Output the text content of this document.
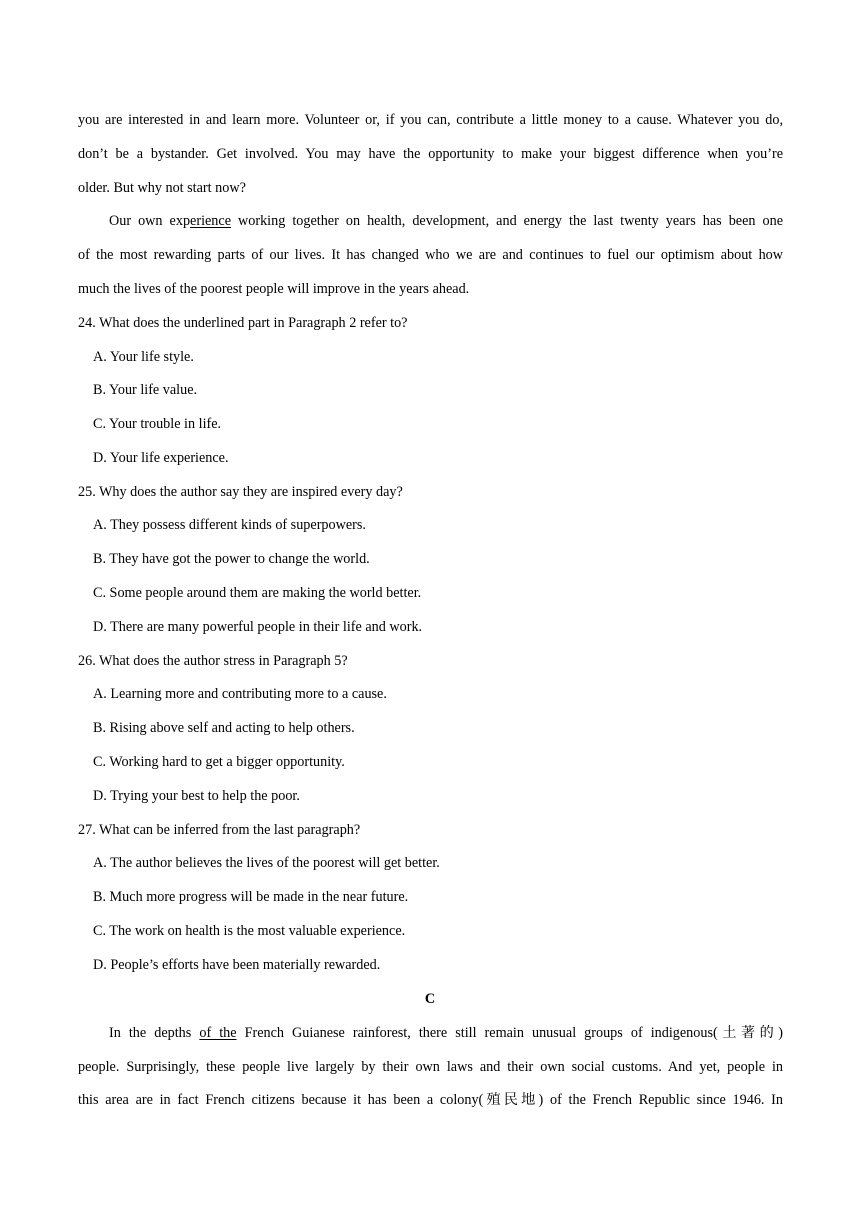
you are interested in and learn more. Volunteer or, if you can, contribute a little money to a cause. Whatever you do,
don’t be a bystander. Get involved. You may have the opportunity to make your biggest difference when you’re
older. But why not start now?
Our own experience working together on health, development, and energy the last twenty years has been one
of the most rewarding parts of our lives. It has changed who we are and continues to fuel our optimism about how
much the lives of the poorest people will improve in the years ahead.
24. What does the underlined part in Paragraph 2 refer to?
A. Your life style.
B. Your life value.
C. Your trouble in life.
D. Your life experience.
25. Why does the author say they are inspired every day?
A. They possess different kinds of superpowers.
B. They have got the power to change the world.
C. Some people around them are making the world better.
D. There are many powerful people in their life and work.
26. What does the author stress in Paragraph 5?
A. Learning more and contributing more to a cause.
B. Rising above self and acting to help others.
C. Working hard to get a bigger opportunity.
D. Trying your best to help the poor.
27. What can be inferred from the last paragraph?
A. The author believes the lives of the poorest will get better.
B. Much more progress will be made in the near future.
C. The work on health is the most valuable experience.
D. People’s efforts have been materially rewarded.
C
In the depths of the French Guianese rainforest, there still remain unusual groups of indigenous(土著的)
people. Surprisingly, these people live largely by their own laws and their own social customs. And yet, people in
this area are in fact French citizens because it has been a colony(殖民地) of the French Republic since 1946. In
